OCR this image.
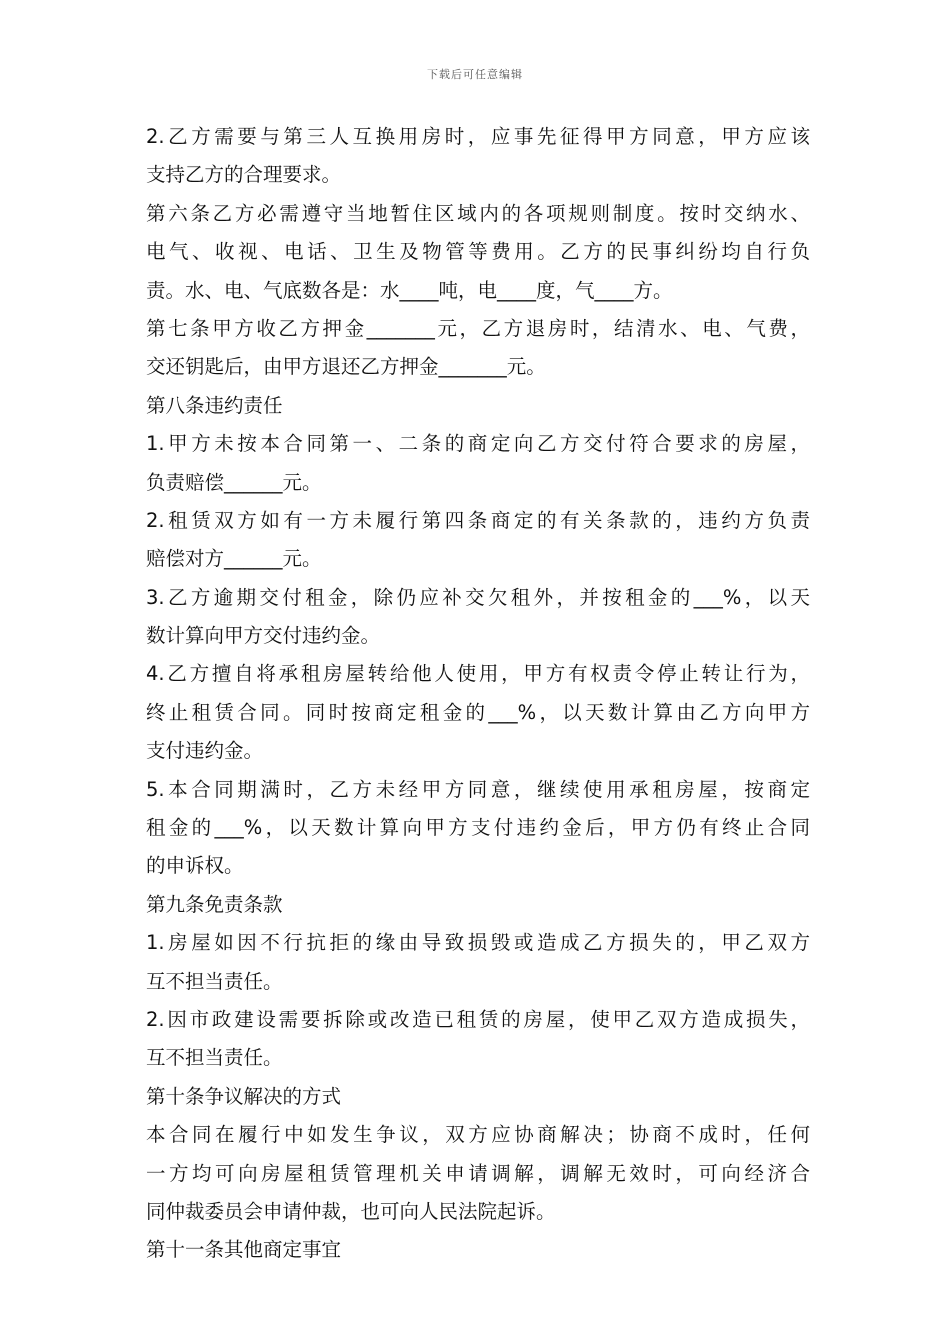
下载后可任意编辑
2.乙方需要与第三人互换用房时，应事先征得甲方同意，甲方应该
支持乙方的合理要求。
第六条乙方必需遵守当地暂住区域内的各项规则制度。按时交纳水、
电气、收视、电话、卫生及物管等费用。乙方的民事纠纷均自行负
责。水、电、气底数各是：水____吨，电____度，气____方。
第七条甲方收乙方押金_______元，乙方退房时，结清水、电、气费，
交还钥匙后，由甲方退还乙方押金_______元。
第八条违约责任
1.甲方未按本合同第一、二条的商定向乙方交付符合要求的房屋，
负责赔偿______元。
2.租赁双方如有一方未履行第四条商定的有关条款的，违约方负责
赔偿对方______元。
3.乙方逾期交付租金，除仍应补交欠租外，并按租金的___%，以天
数计算向甲方交付违约金。
4.乙方擅自将承租房屋转给他人使用，甲方有权责令停止转让行为，
终止租赁合同。同时按商定租金的___%，以天数计算由乙方向甲方
支付违约金。
5.本合同期满时，乙方未经甲方同意，继续使用承租房屋，按商定
租金的___%，以天数计算向甲方支付违约金后，甲方仍有终止合同
的申诉权。
第九条免责条款
1.房屋如因不行抗拒的缘由导致损毁或造成乙方损失的，甲乙双方
互不担当责任。
2.因市政建设需要拆除或改造已租赁的房屋，使甲乙双方造成损失，
互不担当责任。
第十条争议解决的方式
本合同在履行中如发生争议，双方应协商解决；协商不成时，任何
一方均可向房屋租赁管理机关申请调解，调解无效时，可向经济合
同仲裁委员会申请仲裁，也可向人民法院起诉。
第十一条其他商定事宜
